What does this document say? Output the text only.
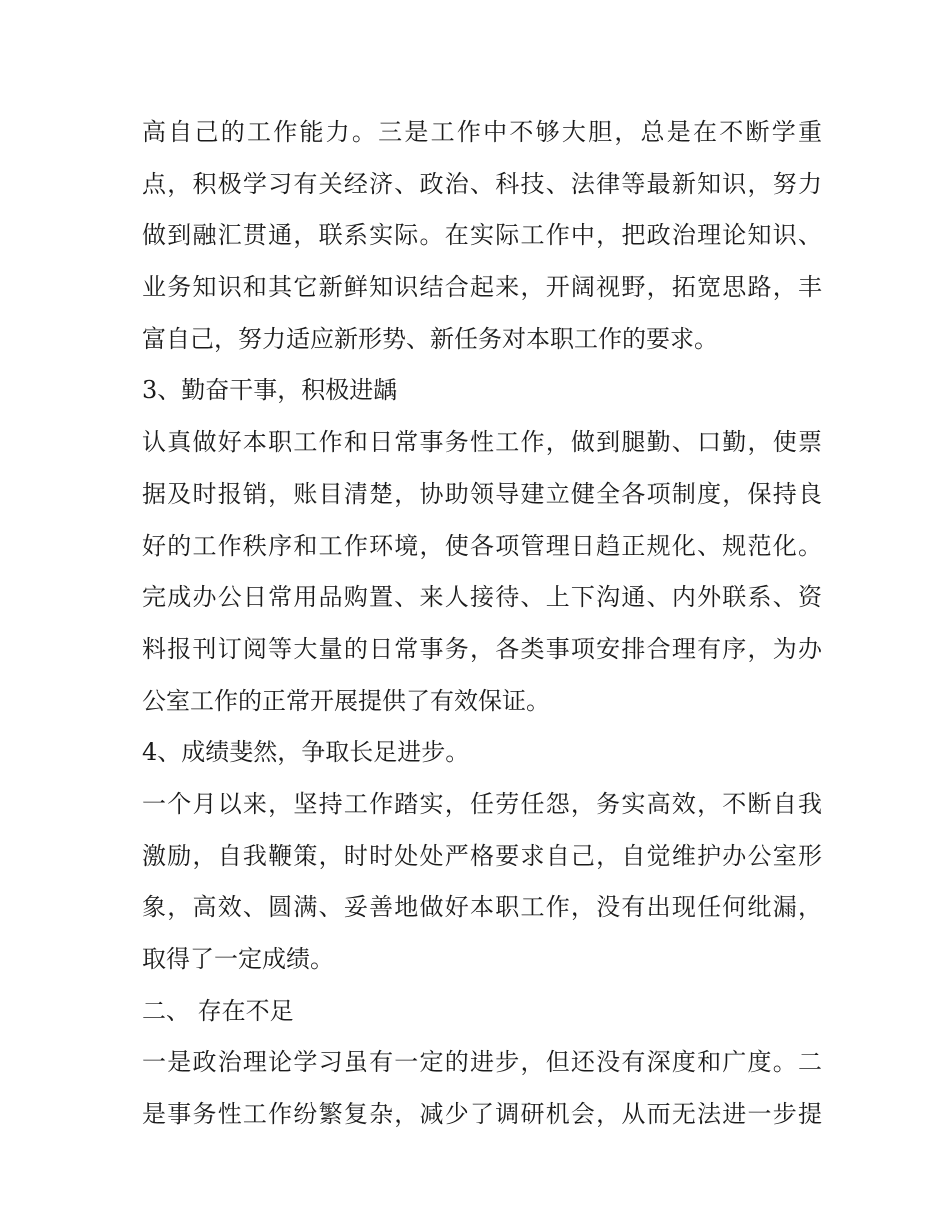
高自己的工作能力。三是工作中不够大胆，总是在不断学重
点，积极学习有关经济、政治、科技、法律等最新知识，努力
做到融汇贯通，联系实际。在实际工作中，把政治理论知识、
业务知识和其它新鲜知识结合起来，开阔视野，拓宽思路，丰
富自己，努力适应新形势、新任务对本职工作的要求。
3、勤奋干事，积极进龋
认真做好本职工作和日常事务性工作，做到腿勤、口勤，使票
据及时报销，账目清楚，协助领导建立健全各项制度，保持良
好的工作秩序和工作环境，使各项管理日趋正规化、规范化。
完成办公日常用品购置、来人接待、上下沟通、内外联系、资
料报刊订阅等大量的日常事务，各类事项安排合理有序，为办
公室工作的正常开展提供了有效保证。
4、成绩斐然，争取长足进步。
一个月以来，坚持工作踏实，任劳任怨，务实高效，不断自我
激励，自我鞭策，时时处处严格要求自己，自觉维护办公室形
象，高效、圆满、妥善地做好本职工作，没有出现任何纰漏，
取得了一定成绩。
二、 存在不足
一是政治理论学习虽有一定的进步，但还没有深度和广度。二
是事务性工作纷繁复杂，减少了调研机会，从而无法进一步提
